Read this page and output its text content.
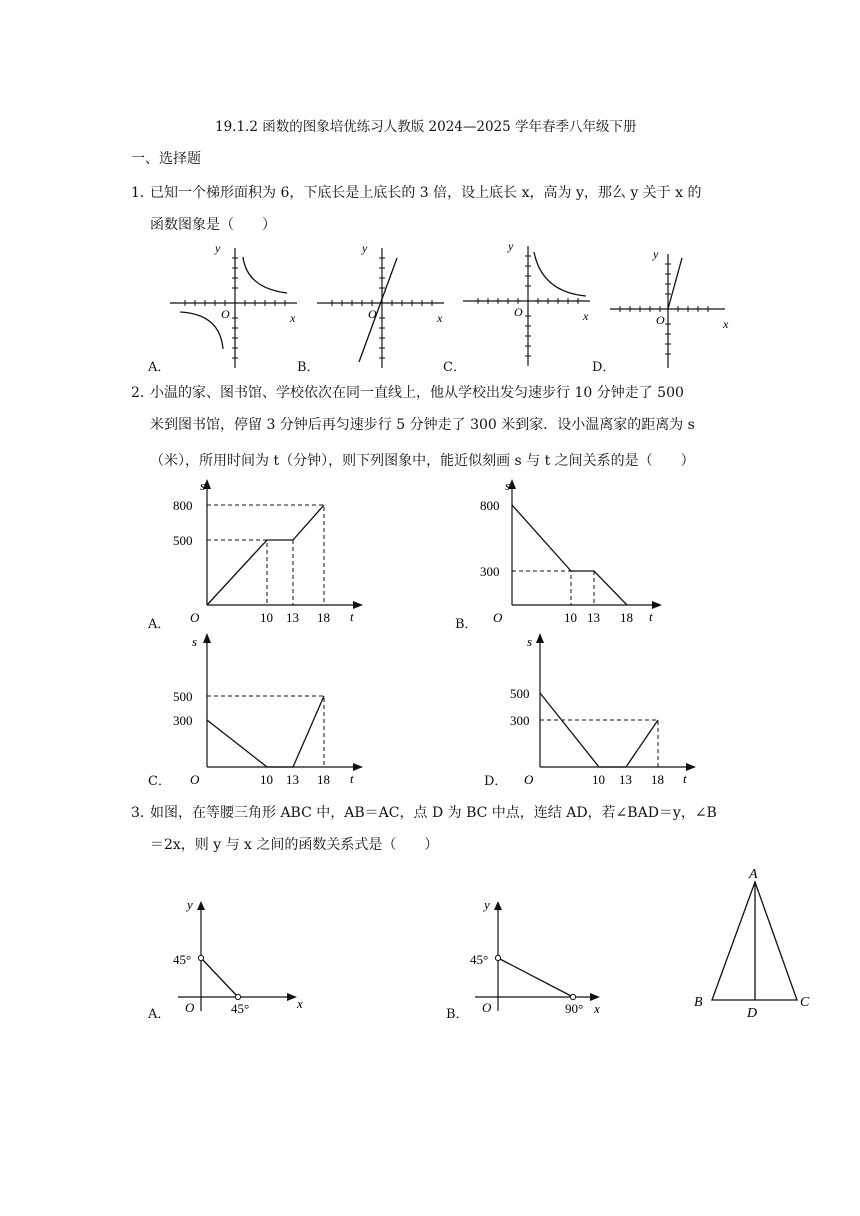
19.1.2 函数的图象培优练习人教版 2024—2025 学年春季八年级下册
一、选择题
1．
已知一个梯形面积为 6，下底长是上底长的 3 倍，设上底长 x，高为 y，那么 y 关于 x 的
函数图象是（　　）
x
y
O
A．
x
y
O
B．
x
y
O
C．
x
y
O
D．
2．
小温的家、图书馆、学校依次在同一直线上，他从学校出发匀速步行 10 分钟走了 500
米到图书馆，停留 3 分钟后再匀速步行 5 分钟走了 300 米到家．设小温离家的距离为 s
（米），所用时间为 t（分钟），则下列图象中，能近似刻画 s 与 t 之间关系的是（　　）
s
t
O
800
500
10 13 18
A．
s
t
O
800
300
10 13 18
B．
s
t
O
500
300
10 13 18
C．
s
t
O
500
300
10 13 18
D．
3．
如图，在等腰三角形 ABC 中，AB＝AC，点 D 为 BC 中点，连结 AD，若∠BAD＝y，∠B
＝2x，则 y 与 x 之间的函数关系式是（　　）
y
x
O
45°
45°
A．
y
x
O
45°
90°
B．
A
B	C
D
